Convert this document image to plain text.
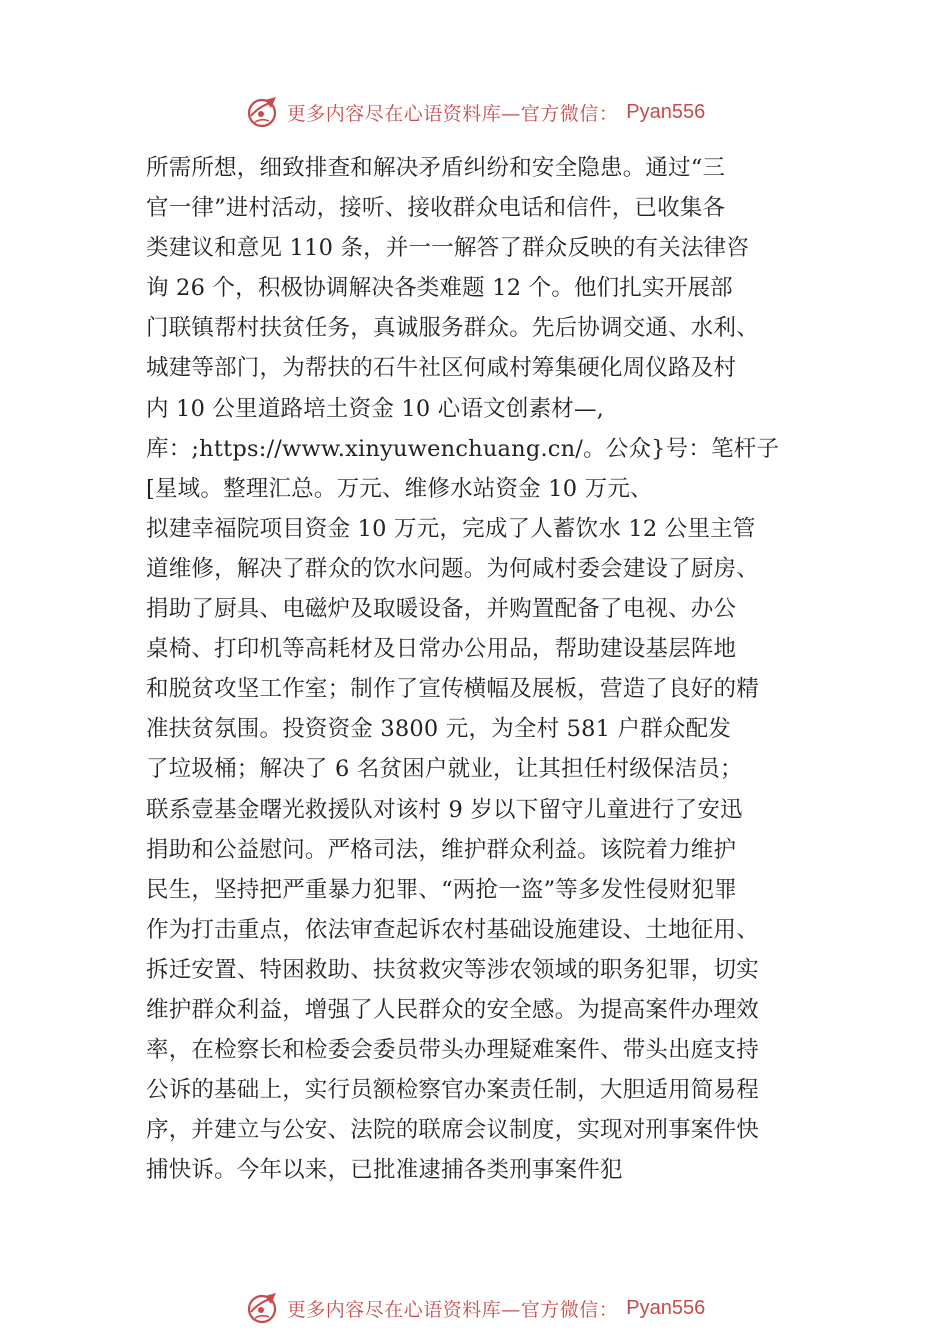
更多内容尽在心语资料库—官方微信： Pyan556
所需所想，细致排查和解决矛盾纠纷和安全隐患。通过“三
官一律”进村活动，接听、接收群众电话和信件，已收集各
类建议和意见 110 条，并一一解答了群众反映的有关法律咨
询 26 个，积极协调解决各类难题 12 个。他们扎实开展部
门联镇帮村扶贫任务，真诚服务群众。先后协调交通、水利、
城建等部门，为帮扶的石牛社区何咸村筹集硬化周仪路及村
内 10 公里道路培土资金 10 心语文创素材—,
库：;https://www.xinyuwenchuang.cn/。公众}号：笔杆子
[星域。整理汇总。万元、维修水站资金 10 万元、
拟建幸福院项目资金 10 万元，完成了人蓄饮水 12 公里主管
道维修，解决了群众的饮水问题。为何咸村委会建设了厨房、
捐助了厨具、电磁炉及取暖设备，并购置配备了电视、办公
桌椅、打印机等高耗材及日常办公用品，帮助建设基层阵地
和脱贫攻坚工作室；制作了宣传横幅及展板，营造了良好的精
准扶贫氛围。投资资金 3800 元，为全村 581 户群众配发
了垃圾桶；解决了 6 名贫困户就业，让其担任村级保洁员；
联系壹基金曙光救援队对该村 9 岁以下留守儿童进行了安迅
捐助和公益慰问。严格司法，维护群众利益。该院着力维护
民生，坚持把严重暴力犯罪、“两抢一盗”等多发性侵财犯罪
作为打击重点，依法审查起诉农村基础设施建设、土地征用、
拆迁安置、特困救助、扶贫救灾等涉农领域的职务犯罪，切实
维护群众利益，增强了人民群众的安全感。为提高案件办理效
率，在检察长和检委会委员带头办理疑难案件、带头出庭支持
公诉的基础上，实行员额检察官办案责任制，大胆适用简易程
序，并建立与公安、法院的联席会议制度，实现对刑事案件快
捕快诉。今年以来，已批准逮捕各类刑事案件犯
更多内容尽在心语资料库—官方微信： Pyan556
